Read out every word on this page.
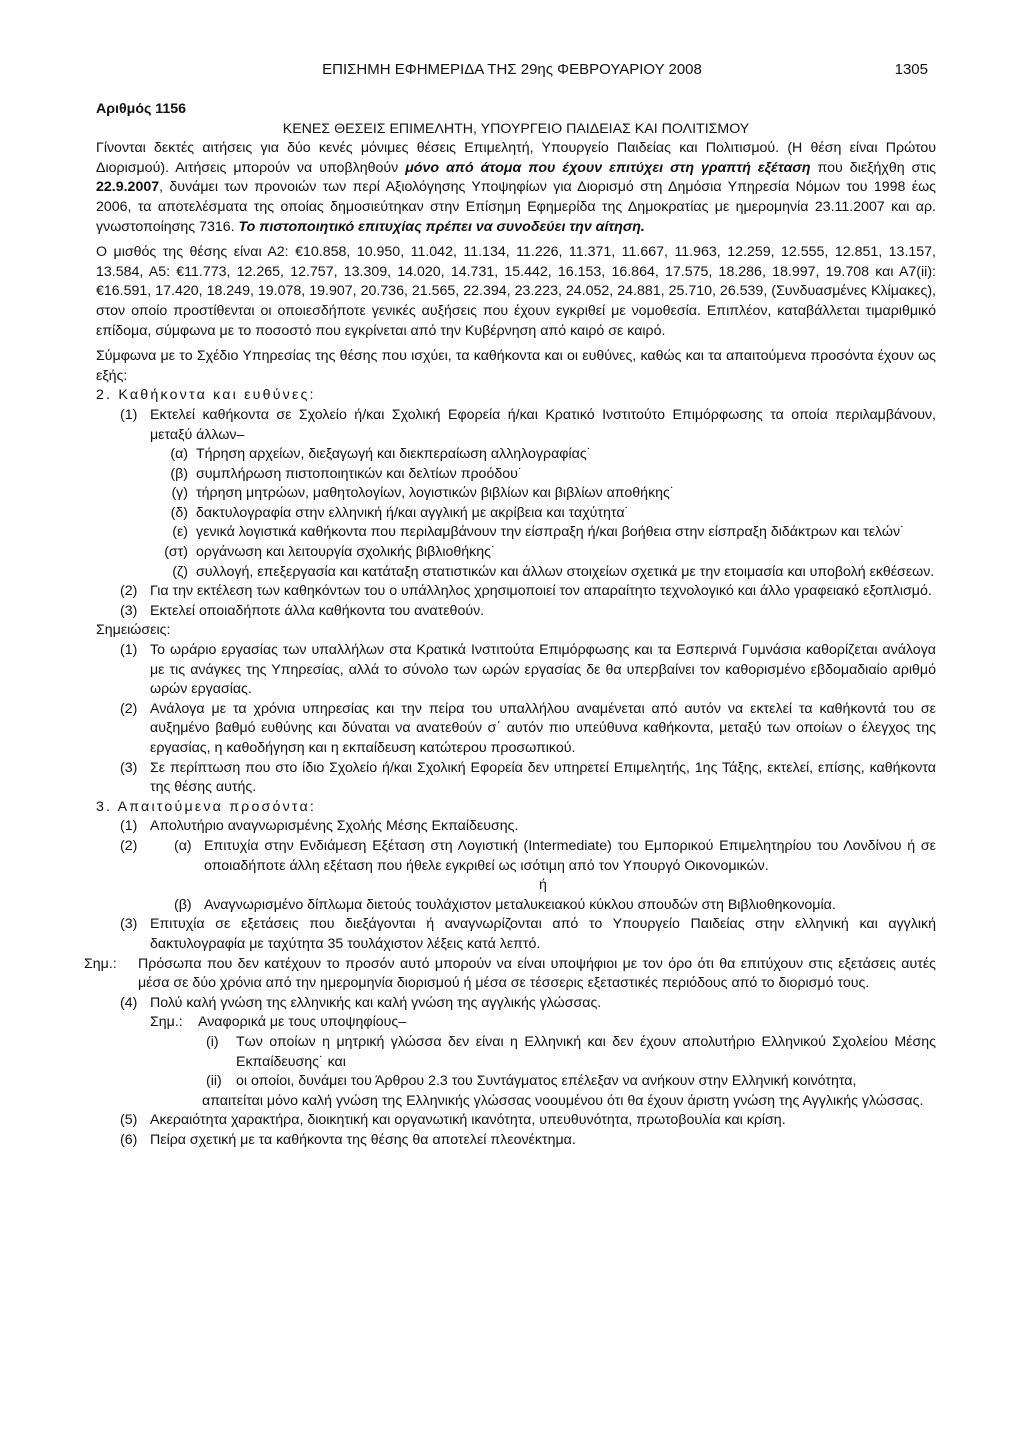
ΕΠΙΣΗΜΗ ΕΦΗΜΕΡΙΔΑ ΤΗΣ 29ης ΦΕΒΡΟΥΑΡΙΟΥ 2008	1305

Αριθμός 1156

ΚΕΝΕΣ ΘΕΣΕΙΣ ΕΠΙΜΕΛΗΤΗ, ΥΠΟΥΡΓΕΙΟ ΠΑΙΔΕΙΑΣ ΚΑΙ ΠΟΛΙΤΙΣΜΟΥ

Γίνονται δεκτές αιτήσεις για δύο κενές μόνιμες θέσεις Επιμελητή, Υπουργείο Παιδείας και Πολιτισμού. (Η θέση είναι Πρώτου Διορισμού). Αιτήσεις μπορούν να υποβληθούν μόνο από άτομα που έχουν επιτύχει στη γραπτή εξέταση που διεξήχθη στις 22.9.2007, δυνάμει των προνοιών των περί Αξιολόγησης Υποψηφίων για Διορισμό στη Δημόσια Υπηρεσία Νόμων του 1998 έως 2006, τα αποτελέσματα της οποίας δημοσιεύτηκαν στην Επίσημη Εφημερίδα της Δημοκρατίας με ημερομηνία 23.11.2007 και αρ. γνωστοποίησης 7316. Το πιστοποιητικό επιτυχίας πρέπει να συνοδεύει την αίτηση.

Ο μισθός της θέσης είναι Α2: €10.858, 10.950, 11.042, 11.134, 11.226, 11.371, 11.667, 11.963, 12.259, 12.555, 12.851, 13.157, 13.584, Α5: €11.773, 12.265, 12.757, 13.309, 14.020, 14.731, 15.442, 16.153, 16.864, 17.575, 18.286, 18.997, 19.708 και Α7(ii): €16.591, 17.420, 18.249, 19.078, 19.907, 20.736, 21.565, 22.394, 23.223, 24.052, 24.881, 25.710, 26.539, (Συνδυασμένες Κλίμακες), στον οποίο προστίθενται οι οποιεσδήποτε γενικές αυξήσεις που έχουν εγκριθεί με νομοθεσία. Επιπλέον, καταβάλλεται τιμαριθμικό επίδομα, σύμφωνα με το ποσοστό που εγκρίνεται από την Κυβέρνηση από καιρό σε καιρό.

Σύμφωνα με το Σχέδιο Υπηρεσίας της θέσης που ισχύει, τα καθήκοντα και οι ευθύνες, καθώς και τα απαιτούμενα προσόντα έχουν ως εξής:

2. Καθήκοντα και ευθύνες:

(1) Εκτελεί καθήκοντα σε Σχολείο ή/και Σχολική Εφορεία ή/και Κρατικό Ινστιτούτο Επιμόρφωσης τα οποία περιλαμβάνουν, μεταξύ άλλων–
(α) Τήρηση αρχείων, διεξαγωγή και διεκπεραίωση αλληλογραφίας˙
(β) συμπλήρωση πιστοποιητικών και δελτίων προόδου˙
(γ) τήρηση μητρώων, μαθητολογίων, λογιστικών βιβλίων και βιβλίων αποθήκης˙
(δ) δακτυλογραφία στην ελληνική ή/και αγγλική με ακρίβεια και ταχύτητα˙
(ε) γενικά λογιστικά καθήκοντα που περιλαμβάνουν την είσπραξη ή/και βοήθεια στην είσπραξη διδάκτρων και τελών˙
(στ) οργάνωση και λειτουργία σχολικής βιβλιοθήκης˙
(ζ) συλλογή, επεξεργασία και κατάταξη στατιστικών και άλλων στοιχείων σχετικά με την ετοιμασία και υποβολή εκθέσεων.
(2) Για την εκτέλεση των καθηκόντων του ο υπάλληλος χρησιμοποιεί τον απαραίτητο τεχνολογικό και άλλο γραφειακό εξοπλισμό.
(3) Εκτελεί οποιαδήποτε άλλα καθήκοντα του ανατεθούν.

Σημειώσεις:

(1) Το ωράριο εργασίας των υπαλλήλων στα Κρατικά Ινστιτούτα Επιμόρφωσης και τα Εσπερινά Γυμνάσια καθορίζεται ανάλογα με τις ανάγκες της Υπηρεσίας, αλλά το σύνολο των ωρών εργασίας δε θα υπερβαίνει τον καθορισμένο εβδομαδιαίο αριθμό ωρών εργασίας.
(2) Ανάλογα με τα χρόνια υπηρεσίας και την πείρα του υπαλλήλου αναμένεται από αυτόν να εκτελεί τα καθήκοντά του σε αυξημένο βαθμό ευθύνης και δύναται να ανατεθούν σ΄ αυτόν πιο υπεύθυνα καθήκοντα, μεταξύ των οποίων ο έλεγχος της εργασίας, η καθοδήγηση και η εκπαίδευση κατώτερου προσωπικού.
(3) Σε περίπτωση που στο ίδιο Σχολείο ή/και Σχολική Εφορεία δεν υπηρετεί Επιμελητής, 1ης Τάξης, εκτελεί, επίσης, καθήκοντα της θέσης αυτής.

3. Απαιτούμενα προσόντα:

(1) Απολυτήριο αναγνωρισμένης Σχολής Μέσης Εκπαίδευσης.
(2)	(α) Επιτυχία στην Ενδιάμεση Εξέταση στη Λογιστική (Intermediate) του Εμπορικού Επιμελητηρίου του Λονδίνου ή σε οποιαδήποτε άλλη εξέταση που ήθελε εγκριθεί ως ισότιμη από τον Υπουργό Οικονομικών.
ή
(β) Αναγνωρισμένο δίπλωμα διετούς τουλάχιστον μεταλυκειακού κύκλου σπουδών στη Βιβλιοθηκονομία.
(3) Επιτυχία σε εξετάσεις που διεξάγονται ή αναγνωρίζονται από το Υπουργείο Παιδείας στην ελληνική και αγγλική δακτυλογραφία με ταχύτητα 35 τουλάχιστον λέξεις κατά λεπτό.
Σημ.:	Πρόσωπα που δεν κατέχουν το προσόν αυτό μπορούν να είναι υποψήφιοι με τον όρο ότι θα επιτύχουν στις εξετάσεις αυτές μέσα σε δύο χρόνια από την ημερομηνία διορισμού ή μέσα σε τέσσερις εξεταστικές περιόδους από το διορισμό τους.
(4) Πολύ καλή γνώση της ελληνικής και καλή γνώση της αγγλικής γλώσσας.
Σημ.:	Αναφορικά με τους υποψηφίους–
(i)	Των οποίων η μητρική γλώσσα δεν είναι η Ελληνική και δεν έχουν απολυτήριο Ελληνικού Σχολείου Μέσης Εκπαίδευσης˙ και
(ii)	οι οποίοι, δυνάμει του Άρθρου 2.3 του Συντάγματος επέλεξαν να ανήκουν στην Ελληνική κοινότητα,

απαιτείται μόνο καλή γνώση της Ελληνικής γλώσσας νοουμένου ότι θα έχουν άριστη γνώση της Αγγλικής γλώσσας.

(5) Ακεραιότητα χαρακτήρα, διοικητική και οργανωτική ικανότητα, υπευθυνότητα, πρωτοβουλία και κρίση.
(6) Πείρα σχετική με τα καθήκοντα της θέσης θα αποτελεί πλεονέκτημα.
